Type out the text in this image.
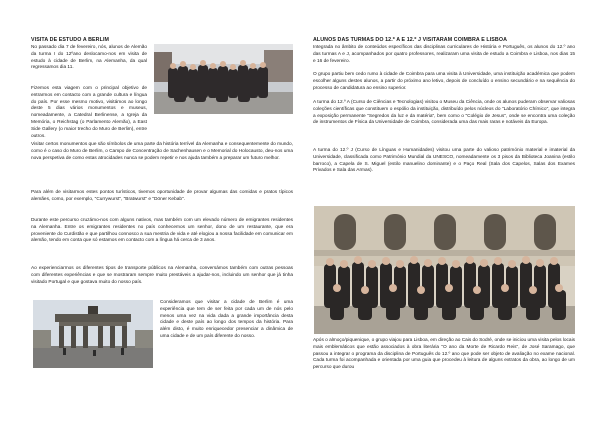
VISITA DE ESTUDO A BERLIM

No passado dia 7 de fevereiro, nós, alunos de Alemão da turma I do 12ºano deslocamo-nos em visita de estudo à cidade de Berlim, na Alemanha, da qual regressamos dia 11.

Fizemos esta viagem com o principal objetivo de entrarmos em contacto com a grande cultura e língua do país. Por esse mesmo motivo, visitámos ao longo deste 5 dias vários monumentos e museus, nomeadamente, a Catedral Berlinense, a Igreja da Memória, o Reichstag (o Parlamento Alemão), a East Side Gallery (o maior trecho do Muro de Berlim), entre outros.

Visitar certos monumentos que são símbolos de uma parte da história terrível da Alemanha e consequentemente do mundo, como é o caso do Muro de Berlim, o Campo de Concentração de Sachenhausen e o Memorial do Holocausto, deu-nos uma nova perspetiva de como estas atrocidades nunca se podem repetir e nos ajuda também a preparar um futuro melhor.

Para além de visitarmos estes pontos turísticos, tivemos oportunidade de provar algumas das comidas e pratos típicos alemães, como, por exemplo, "Currywurst", "Bratwurst" e "Döner Kebab".

Durante este percurso cruzámo-nos com alguns nativos, mas também com um elevado número de emigrantes residentes na Alemanha. Entre os emigrantes residentes no país conhecemos um senhor, dono de um restaurante, que era proveniente do Curdistão e que partilhou connosco a sua mestria de vida e até elogiou a nossa facilidade em comunicar em alemão, tendo em conta que só estamos em contacto com a língua há cerca de 3 anos.

Ao experienciarmos os diferentes tipos de transporte públicos na Alemanha, conversámos também com outras pessoas com diferentes experiências e que se mostraram sempre muito prestáveis a ajudar-nos, incluindo um senhor que já tinha visitado Portugal e que gostava muito do nosso país.

Consideramos que visitar a cidade de Berlim é uma experiência que tem de ser feita por cada um de nós pelo menos uma vez na vida dada a grande importância desta cidade e deste país ao longo dos tempos da história. Para além disto, é muito enriquecedor presenciar a dinâmica de uma cidade e de um país diferente do nosso.

ALUNOS DAS TURMAS DO 12.º A E 12.º J VISITARAM COIMBRA E LISBOA

Integrada no âmbito de conteúdos específicos das disciplinas curriculares de História e Português, os alunos do 12.º ano das turmas A e J, acompanhados por quatro professores, realizaram uma visita de estudo a Coimbra e Lisboa, nos dias 15 e 16 de fevereiro.

O grupo partiu bem cedo rumo à cidade de Coimbra para uma visita à Universidade, uma instituição académica que podem escolher alguns destes alunos, a partir do próximo ano letivo, depois de concluído o ensino secundário e na sequência do processo de candidatura ao ensino superior.

A turma do 12.º A (Curso de Ciências e Tecnologias) visitou o Museu da Ciência, onde os alunos puderam observar valiosas coleções científicas que constituem o espólio da instituição, distribuído pelos núcleos do "Laboratório Chímico", que integra a exposição permanente "Segredos da luz e da matéria", bem como o "Colégio de Jesus", onde se encontra uma coleção de instrumentos de Física da Universidade de Coimbra, considerada uma das mais raras e notáveis da Europa.

A turma do 12.º J (Curso de Línguas e Humanidades) visitou uma parte do valioso património material e imaterial da Universidade, classificada como Património Mundial da UNESCO, nomeadamente os 3 pisos da Biblioteca Joanina (estilo barroco), a Capela de S. Miguel (estilo manuelino dominante) e o Paço Real (Sala dos Capelos, Salas dos Exames Privados e Sala das Armas).

Após o almoço/piquenique, o grupo viajou para Lisboa, em direção ao Cais do Sodré, onde se iniciou uma visita pelos locais mais emblemáticos que estão associados à obra literária "O ano da Morte de Ricardo Reis", de José Saramago, que passou a integrar o programa da disciplina de Português do 12.º ano que pode ser objeto de avaliação no exame nacional. Cada turma foi acompanhada e orientada por uma guia que procedeu à leitura de alguns extratos da obra, ao longo de um percurso que durou
